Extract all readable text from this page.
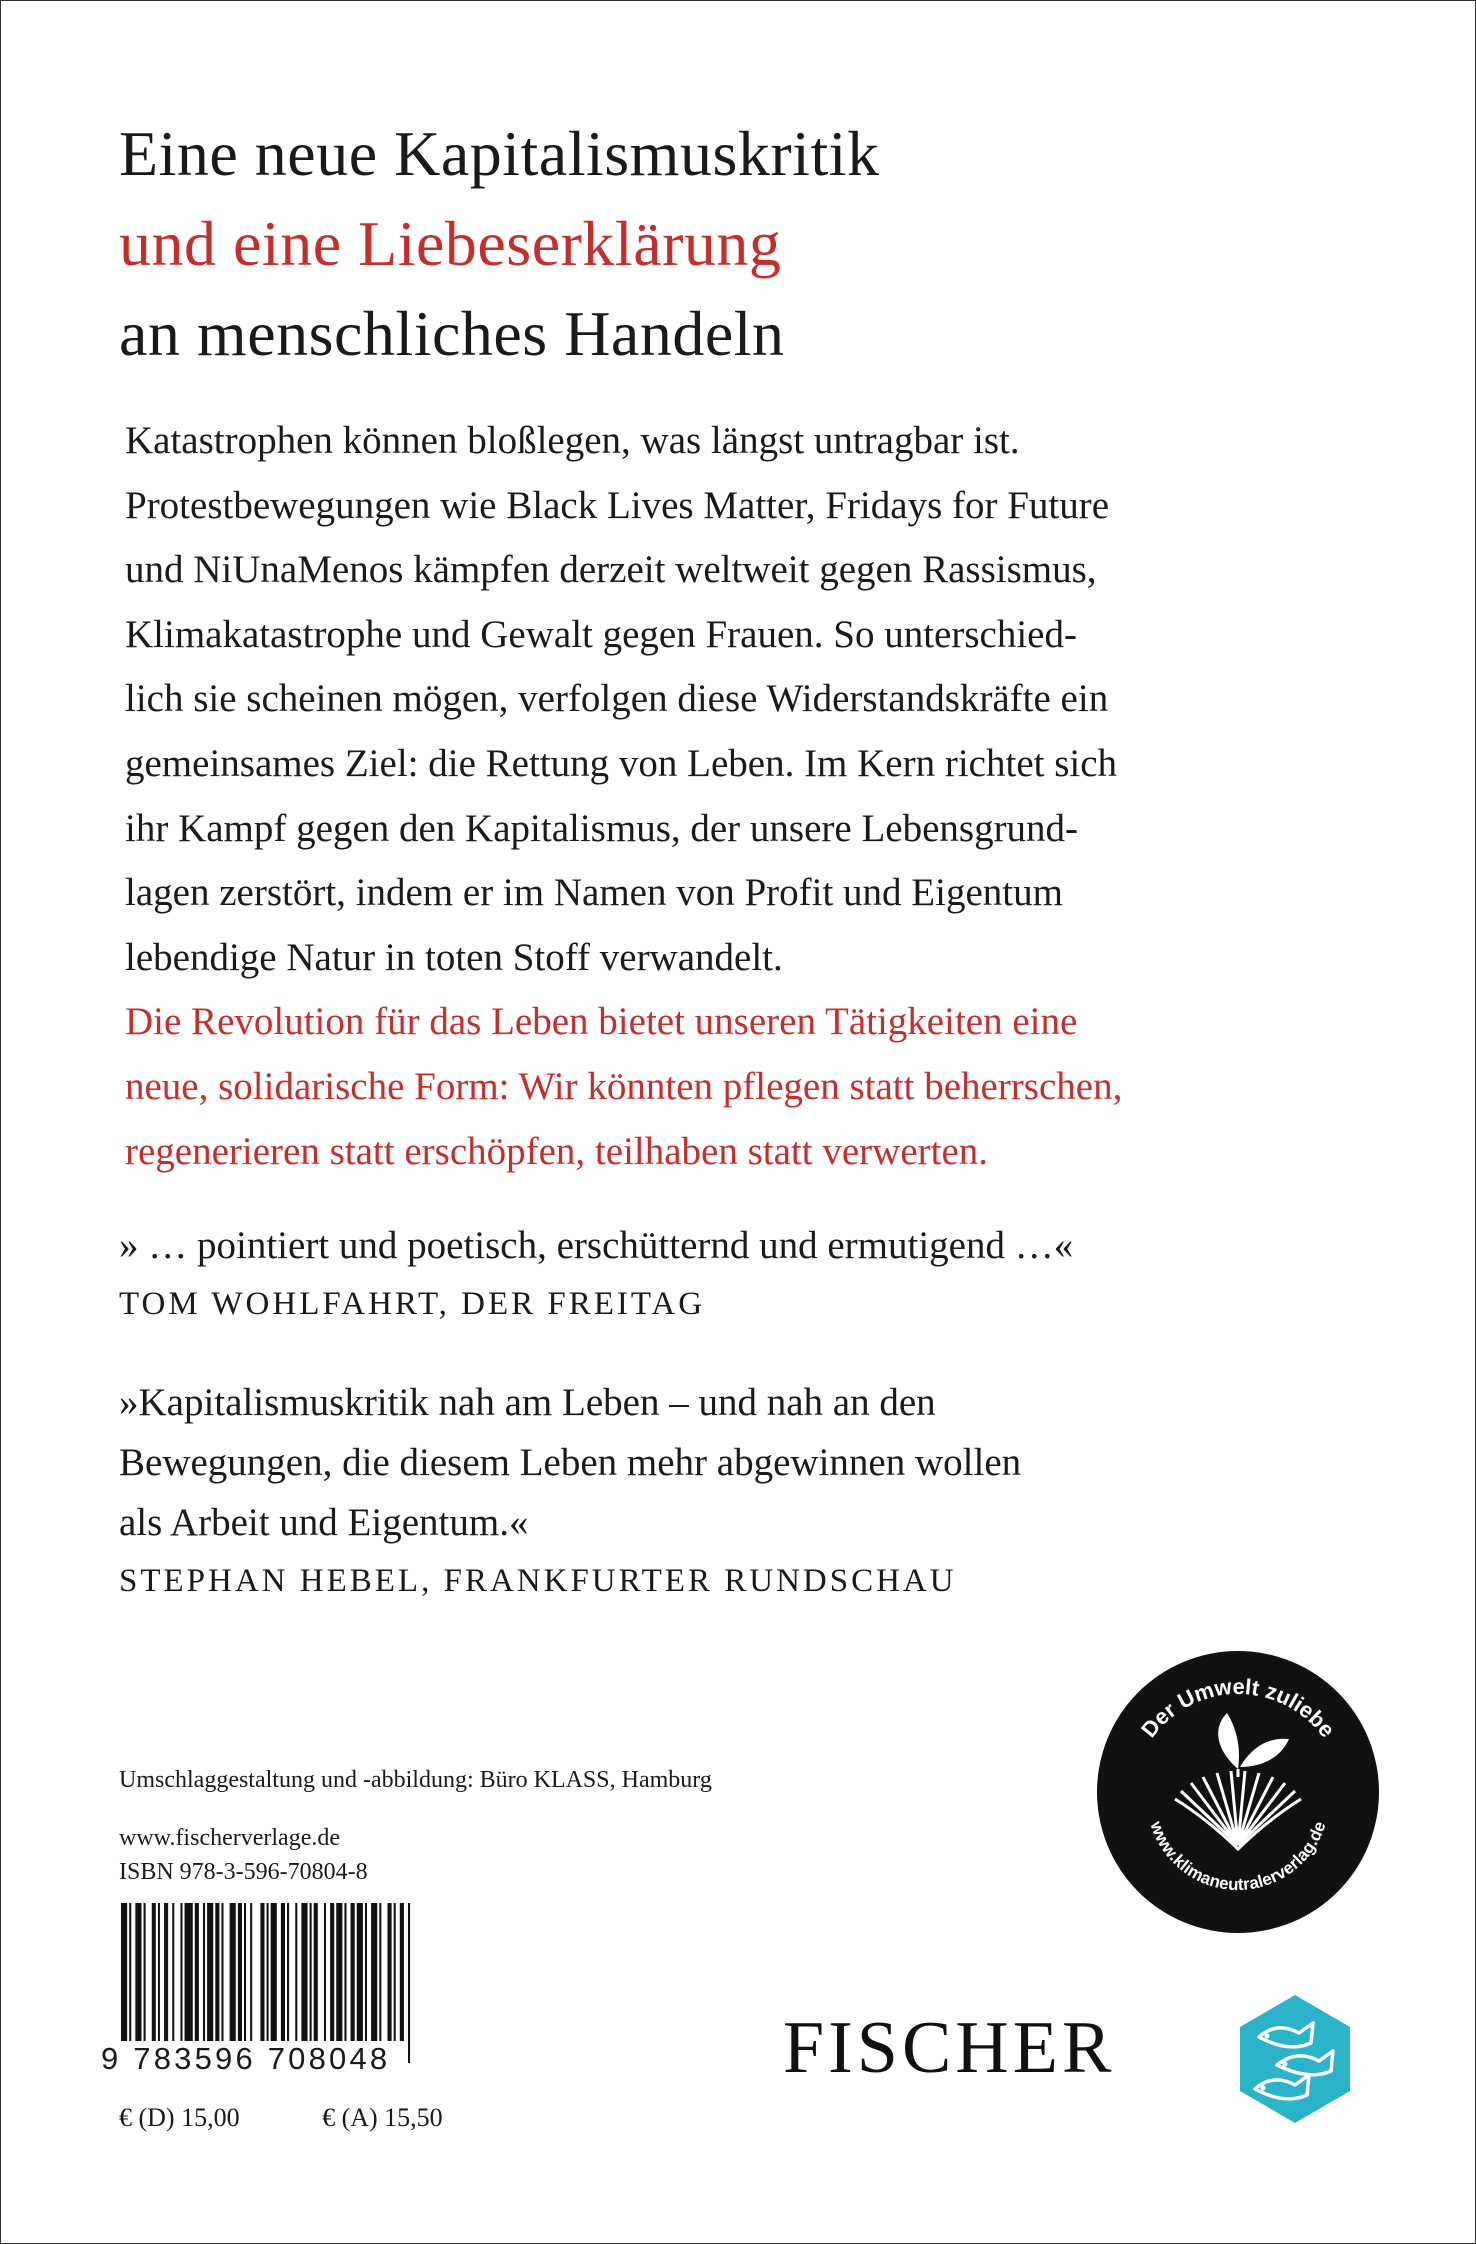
Eine neue Kapitalismuskritik
und eine Liebeserklärung
an menschliches Handeln
Katastrophen können bloßlegen, was längst untragbar ist.
Protestbewegungen wie Black Lives Matter, Fridays for Future
und NiUnaMenos kämpfen derzeit weltweit gegen Rassismus,
Klimakatastrophe und Gewalt gegen Frauen. So unterschied-
lich sie scheinen mögen, verfolgen diese Widerstandskräfte ein
gemeinsames Ziel: die Rettung von Leben. Im Kern richtet sich
ihr Kampf gegen den Kapitalismus, der unsere Lebensgrund-
lagen zerstört, indem er im Namen von Profit und Eigentum
lebendige Natur in toten Stoff verwandelt.
Die Revolution für das Leben bietet unseren Tätigkeiten eine
neue, solidarische Form: Wir könnten pflegen statt beherrschen,
regenerieren statt erschöpfen, teilhaben statt verwerten.
» … pointiert und poetisch, erschütternd und ermutigend …«
TOM WOHLFAHRT, DER FREITAG
»Kapitalismuskritik nah am Leben – und nah an den
Bewegungen, die diesem Leben mehr abgewinnen wollen
als Arbeit und Eigentum.«
STEPHAN HEBEL, FRANKFURTER RUNDSCHAU
Umschlaggestaltung und -abbildung: Büro KLASS, Hamburg
www.fischerverlage.de
ISBN 978-3-596-70804-8
9 783596 708048
€ (D) 15,00	€ (A) 15,50
Der Umwelt zuliebe
www.klimaneutralerverlag.de
FISCHER
